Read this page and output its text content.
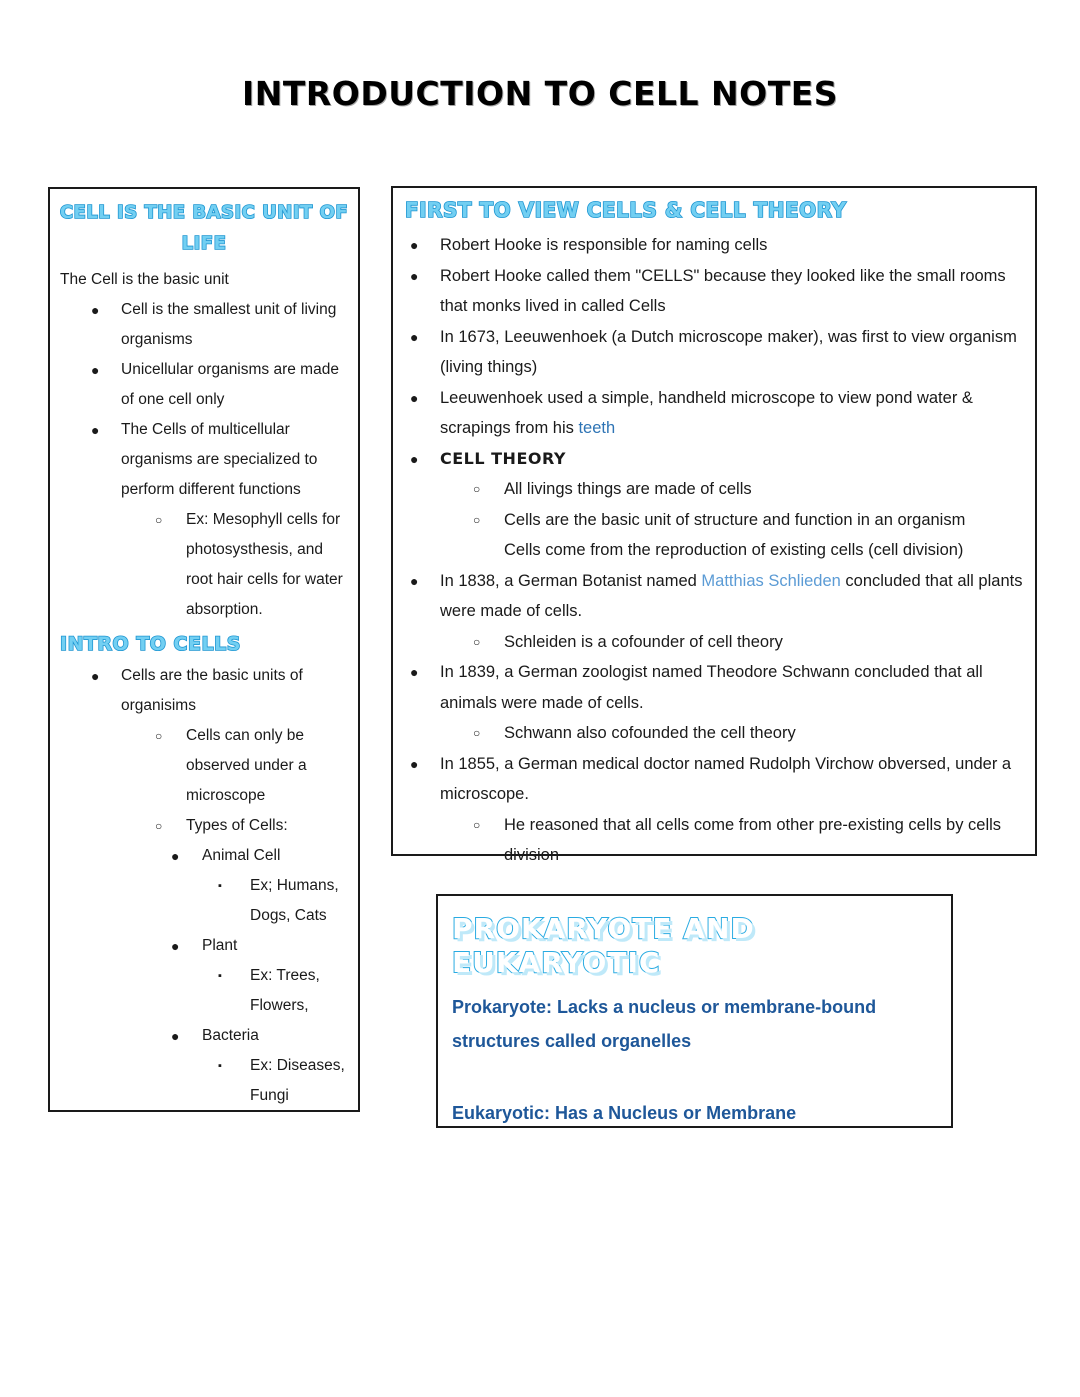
INTRODUCTION TO CELL NOTES
CELL IS THE BASIC UNIT OF LIFE
The Cell is the basic unit
●	Cell is the smallest unit of living organisms
●	Unicellular organisms are made of one cell only
●	The Cells of multicellular organisms are specialized to perform different functions
○	Ex: Mesophyll cells for photosysthesis, and root hair cells for water absorption.
INTRO TO CELLS
●	Cells are the basic units of organisims
○	Cells can only be observed under a microscope
○	Types of Cells:
●	Animal Cell
▪	Ex; Humans, Dogs, Cats
●	Plant
▪	Ex: Trees, Flowers,
●	Bacteria
▪	Ex: Diseases, Fungi
FIRST TO VIEW CELLS & CELL THEORY
●	Robert Hooke is responsible for naming cells
●	Robert Hooke called them "CELLS" because they looked like the small rooms that monks lived in called Cells
●	In 1673, Leeuwenhoek (a Dutch microscope maker), was first to view organism (living things)
●	Leeuwenhoek used a simple, handheld microscope to view pond water & scrapings from his teeth
●	CELL THEORY
○	All livings things are made of cells
○	Cells are the basic unit of structure and function in an organism
Cells come from the reproduction of existing cells (cell division)
●	In 1838, a German Botanist named Matthias Schlieden concluded that all plants were made of cells.
○	Schleiden is a cofounder of cell theory
●	In 1839, a German zoologist named Theodore Schwann concluded that all animals were made of cells.
○	Schwann also cofounded the cell theory
●	In 1855, a German medical doctor named Rudolph Virchow obversed, under a microscope.
○	He reasoned that all cells come from other pre-existing cells by cells division
PROKARYOTE AND EUKARYOTIC

Prokaryote: Lacks a nucleus or membrane-bound structures called organelles

Eukaryotic: Has a Nucleus or Membrane
